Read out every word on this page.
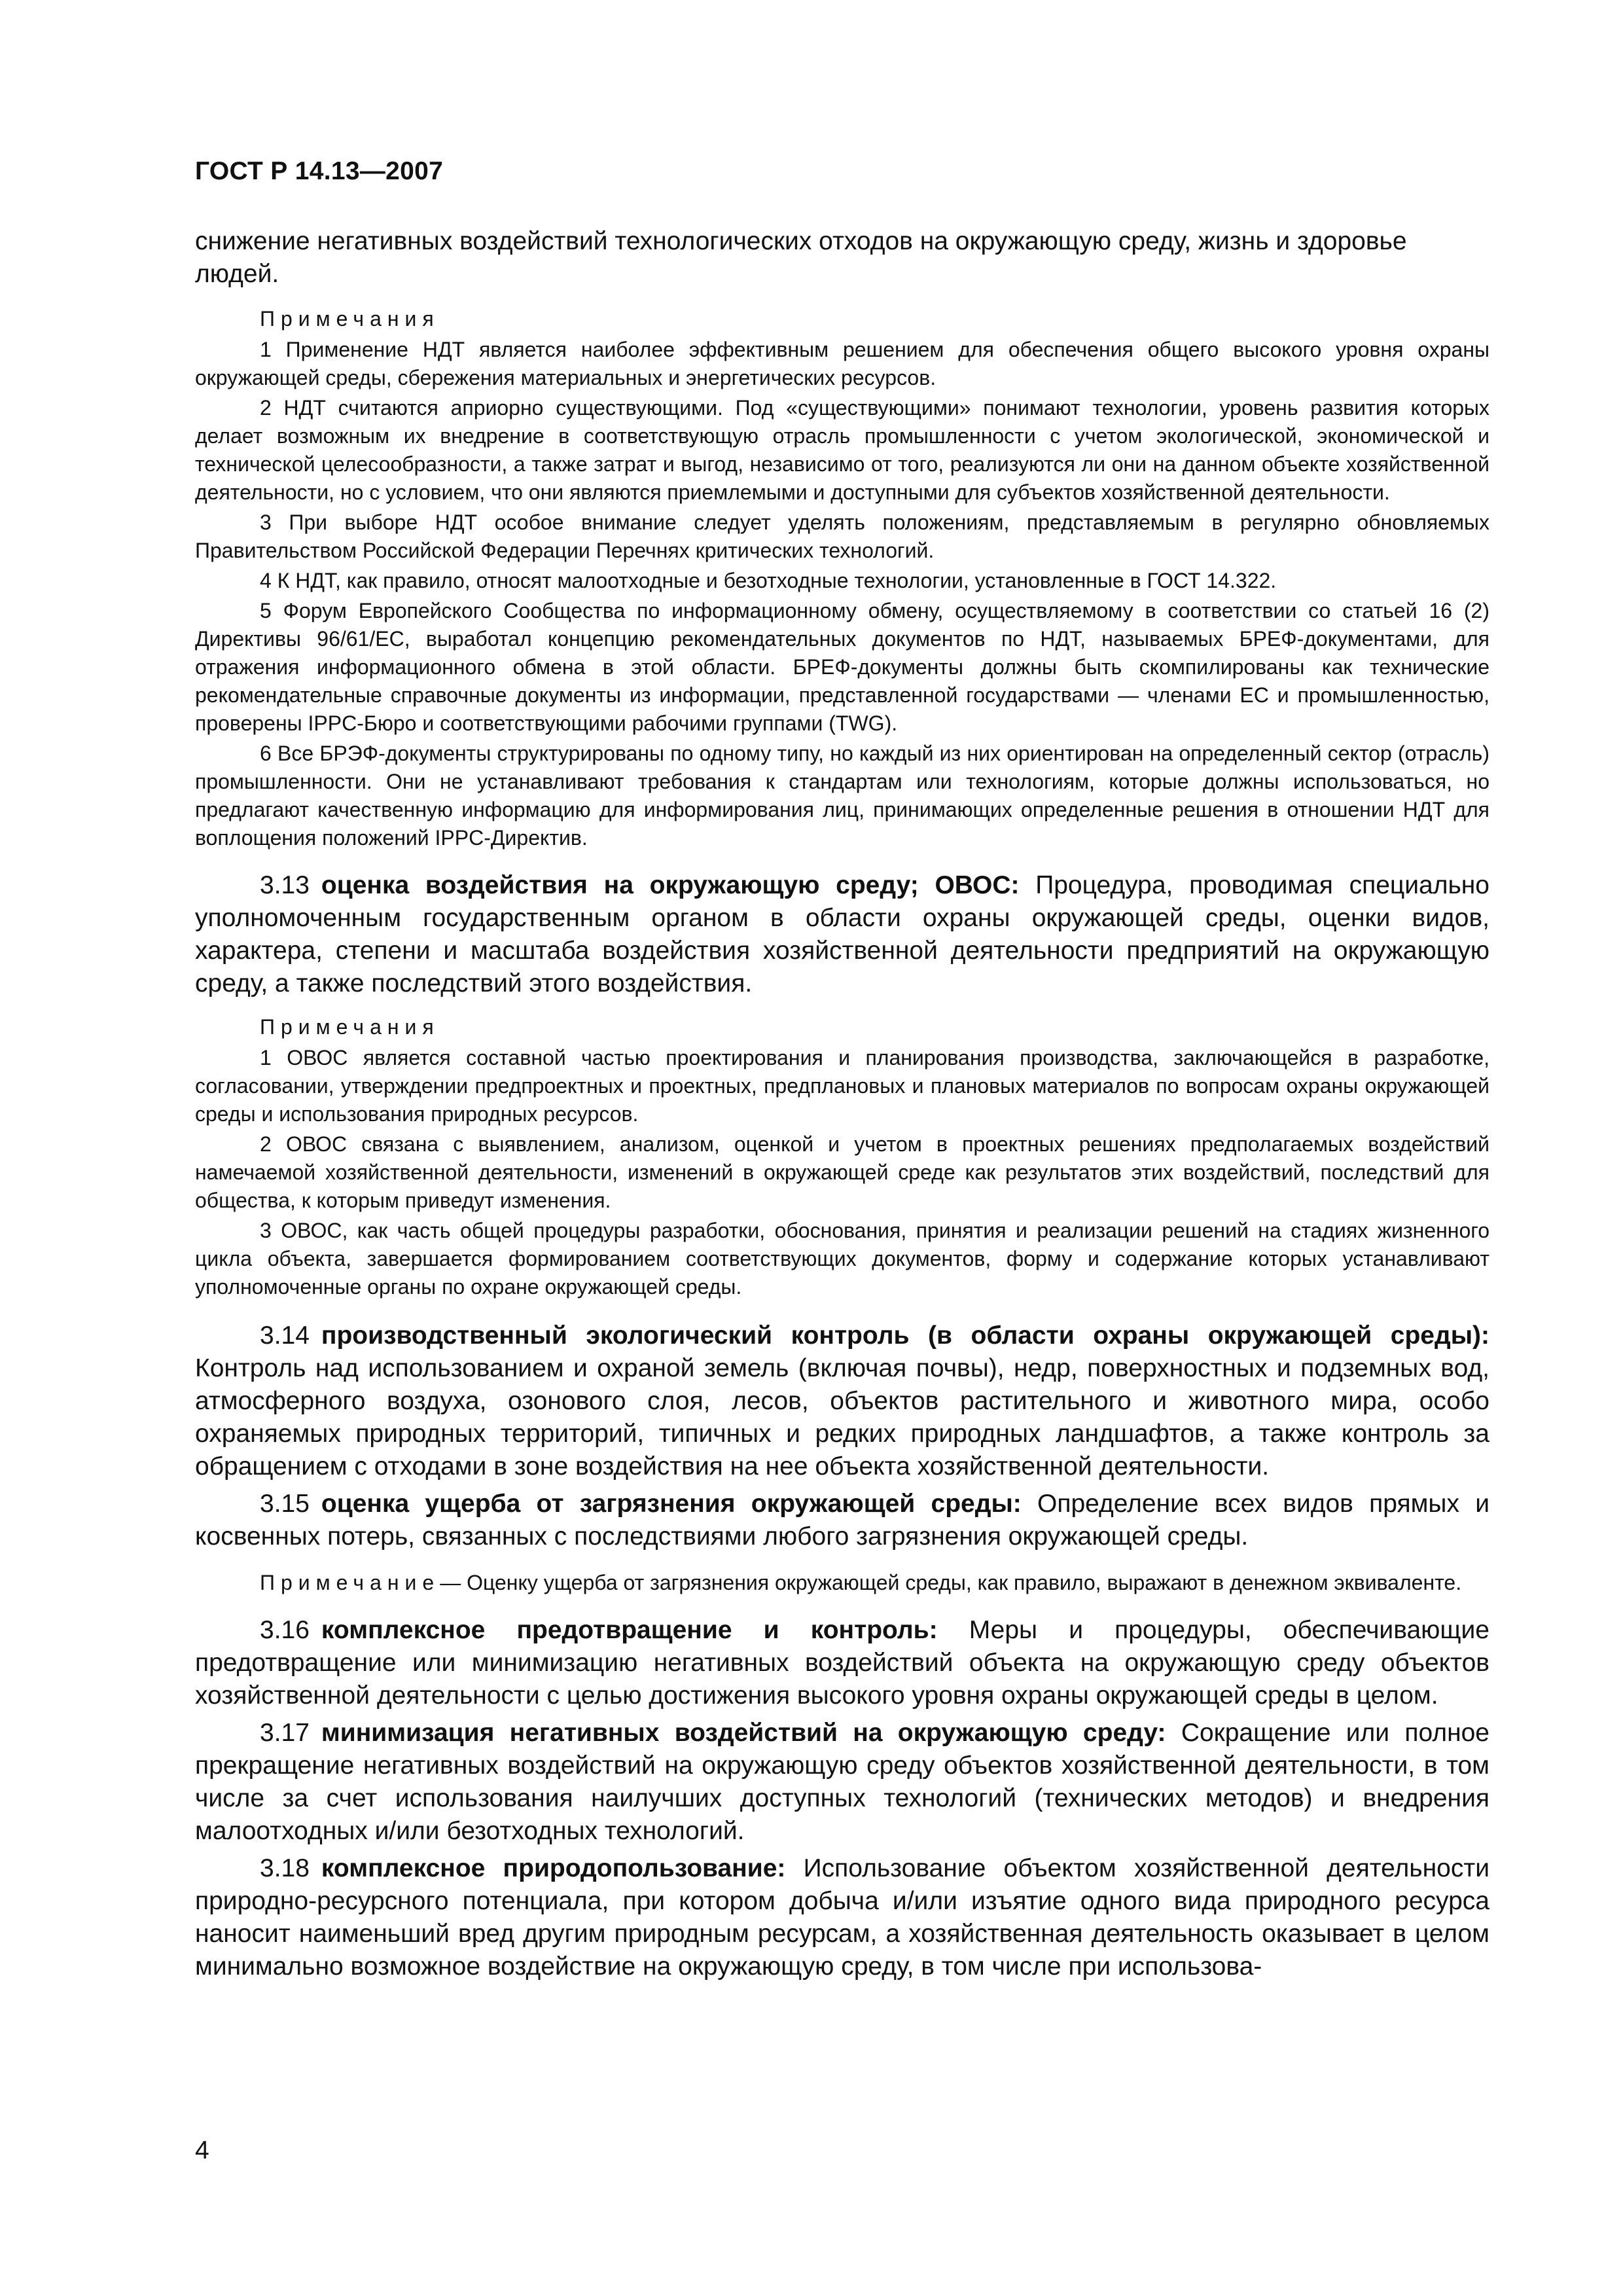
ГОСТ Р 14.13—2007

снижение негативных воздействий технологических отходов на окружающую среду, жизнь и здоровье людей.

Примечания

1 Применение НДТ является наиболее эффективным решением для обеспечения общего высокого уровня охраны окружающей среды, сбережения материальных и энергетических ресурсов.

2 НДТ считаются априорно существующими. Под «существующими» понимают технологии, уровень развития которых делает возможным их внедрение в соответствующую отрасль промышленности с учетом экологической, экономической и технической целесообразности, а также затрат и выгод, независимо от того, реализуются ли они на данном объекте хозяйственной деятельности, но с условием, что они являются приемлемыми и доступными для субъектов хозяйственной деятельности.

3 При выборе НДТ особое внимание следует уделять положениям, представляемым в регулярно обновляемых Правительством Российской Федерации Перечнях критических технологий.

4 К НДТ, как правило, относят малоотходные и безотходные технологии, установленные в ГОСТ 14.322.

5 Форум Европейского Сообщества по информационному обмену, осуществляемому в соответствии со статьей 16 (2) Директивы 96/61/ЕС, выработал концепцию рекомендательных документов по НДТ, называемых БРЕФ-документами, для отражения информационного обмена в этой области. БРЕФ-документы должны быть скомпилированы как технические рекомендательные справочные документы из информации, представленной государствами — членами ЕС и промышленностью, проверены IPPC-Бюро и соответствующими рабочими группами (TWG).

6 Все БРЭФ-документы структурированы по одному типу, но каждый из них ориентирован на определенный сектор (отрасль) промышленности. Они не устанавливают требования к стандартам или технологиям, которые должны использоваться, но предлагают качественную информацию для информирования лиц, принимающих определенные решения в отношении НДТ для воплощения положений IPPC-Директив.

3.13 оценка воздействия на окружающую среду; ОВОС: Процедура, проводимая специально уполномоченным государственным органом в области охраны окружающей среды, оценки видов, характера, степени и масштаба воздействия хозяйственной деятельности предприятий на окружающую среду, а также последствий этого воздействия.

Примечания

1 ОВОС является составной частью проектирования и планирования производства, заключающейся в разработке, согласовании, утверждении предпроектных и проектных, предплановых и плановых материалов по вопросам охраны окружающей среды и использования природных ресурсов.

2 ОВОС связана с выявлением, анализом, оценкой и учетом в проектных решениях предполагаемых воздействий намечаемой хозяйственной деятельности, изменений в окружающей среде как результатов этих воздействий, последствий для общества, к которым приведут изменения.

3 ОВОС, как часть общей процедуры разработки, обоснования, принятия и реализации решений на стадиях жизненного цикла объекта, завершается формированием соответствующих документов, форму и содержание которых устанавливают уполномоченные органы по охране окружающей среды.

3.14 производственный экологический контроль (в области охраны окружающей среды): Контроль над использованием и охраной земель (включая почвы), недр, поверхностных и подземных вод, атмосферного воздуха, озонового слоя, лесов, объектов растительного и животного мира, особо охраняемых природных территорий, типичных и редких природных ландшафтов, а также контроль за обращением с отходами в зоне воздействия на нее объекта хозяйственной деятельности.

3.15 оценка ущерба от загрязнения окружающей среды: Определение всех видов прямых и косвенных потерь, связанных с последствиями любого загрязнения окружающей среды.

Примечание— Оценку ущерба от загрязнения окружающей среды, как правило, выражают в денежном эквиваленте.

3.16 комплексное предотвращение и контроль: Меры и процедуры, обеспечивающие предотвращение или минимизацию негативных воздействий объекта на окружающую среду объектов хозяйственной деятельности с целью достижения высокого уровня охраны окружающей среды в целом.

3.17 минимизация негативных воздействий на окружающую среду: Сокращение или полное прекращение негативных воздействий на окружающую среду объектов хозяйственной деятельности, в том числе за счет использования наилучших доступных технологий (технических методов) и внедрения малоотходных и/или безотходных технологий.

3.18 комплексное природопользование: Использование объектом хозяйственной деятельности природно-ресурсного потенциала, при котором добыча и/или изъятие одного вида природного ресурса наносит наименьший вред другим природным ресурсам, а хозяйственная деятельность оказывает в целом минимально возможное воздействие на окружающую среду, в том числе при использова-

4
